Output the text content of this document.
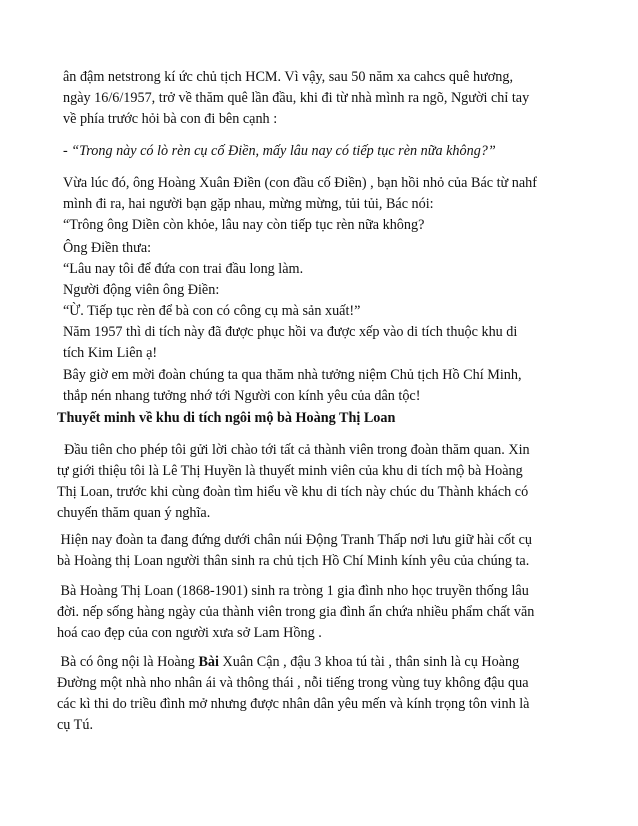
ân đậm netstrong kí ức chủ tịch HCM. Vì vậy, sau 50 năm xa cahcs quê hương,
ngày 16/6/1957, trở về thăm quê lần đầu, khi đi từ nhà mình ra ngõ, Người chỉ tay
về phía trước hỏi bà con đi bên cạnh :
- “Trong này có lò rèn cụ cố Điền, mấy lâu nay có tiếp tục rèn nữa không?”
Vừa lúc đó, ông Hoàng Xuân Điền (con đầu cố Điền) , bạn hồi nhỏ của Bác từ nahf
mình đi ra, hai người bạn gặp nhau, mừng mừng, tủi tủi, Bác nói:
“Trông ông Diền còn khỏe, lâu nay còn tiếp tục rèn nữa không?
Ông Điền thưa:
“Lâu nay tôi để đứa con trai đầu long làm.
Người động viên ông Điền:
“Ừ. Tiếp tục rèn để bà con có công cụ mà sản xuất!”
Năm 1957 thì di tích này đã được phục hồi va được xếp vào di tích thuộc khu di
tích Kim Liên ạ!
Bây giờ em mời đoàn chúng ta qua thăm nhà tưởng niệm Chủ tịch Hồ Chí Minh,
thắp nén nhang tưởng nhớ tới Người con kính yêu của dân tộc!
Thuyết minh về khu di tích ngôi mộ bà Hoàng Thị Loan
Đầu tiên cho phép tôi gửi lời chào tới tất cả thành viên trong đoàn thăm quan. Xin
tự giới thiệu tôi là Lê Thị Huyền là thuyết minh viên của khu di tích mộ bà Hoàng
Thị Loan, trước khi cùng đoàn tìm hiểu về khu di tích này chúc du Thành khách có
chuyến thăm quan ý nghĩa.
Hiện nay đoàn ta đang đứng dưới chân núi Động Tranh Thấp nơi lưu giữ hài cốt cụ
bà Hoàng thị Loan người thân sinh ra chủ tịch Hồ Chí Minh kính yêu của chúng ta.
Bà Hoàng Thị Loan (1868-1901) sinh ra tròng 1 gia đình nho học truyền thống lâu
đời. nếp sống hàng ngày của thành viên trong gia đình ẩn chứa nhiều phẩm chất văn
hoá cao đẹp của con người xưa sở Lam Hồng .
Bà có ông nội là Hoàng Bài Xuân Cận , đậu 3 khoa tú tài , thân sinh là cụ Hoàng
Đường một nhà nho nhân ái và thông thái , nỗi tiếng trong vùng tuy không đậu qua
các kì thi do triều đình mở nhưng được nhân dân yêu mến và kính trọng tôn vinh là
cụ Tú.
